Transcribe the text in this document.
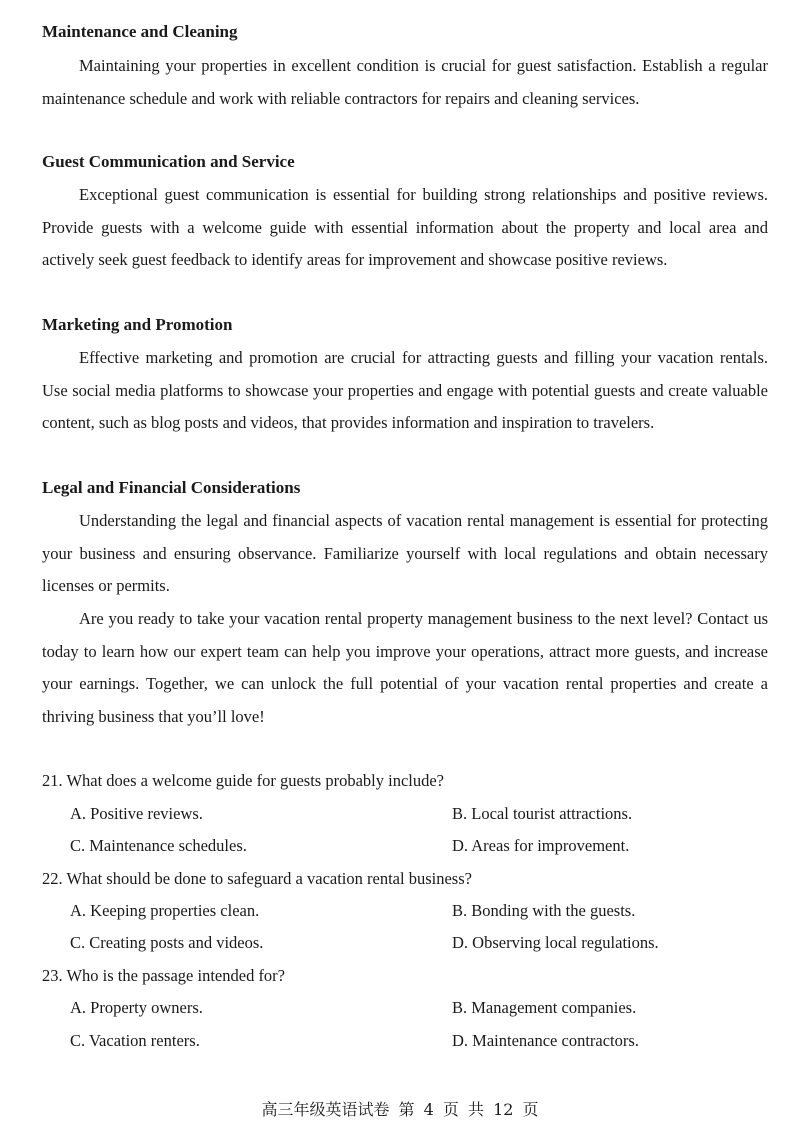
Maintenance and Cleaning

Maintaining your properties in excellent condition is crucial for guest satisfaction. Establish a regular maintenance schedule and work with reliable contractors for repairs and cleaning services.

Guest Communication and Service

Exceptional guest communication is essential for building strong relationships and positive reviews. Provide guests with a welcome guide with essential information about the property and local area and actively seek guest feedback to identify areas for improvement and showcase positive reviews.

Marketing and Promotion

Effective marketing and promotion are crucial for attracting guests and filling your vacation rentals. Use social media platforms to showcase your properties and engage with potential guests and create valuable content, such as blog posts and videos, that provides information and inspiration to travelers.

Legal and Financial Considerations

Understanding the legal and financial aspects of vacation rental management is essential for protecting your business and ensuring observance. Familiarize yourself with local regulations and obtain necessary licenses or permits.

Are you ready to take your vacation rental property management business to the next level? Contact us today to learn how our expert team can help you improve your operations, attract more guests, and increase your earnings. Together, we can unlock the full potential of your vacation rental properties and create a thriving business that you’ll love!

21. What does a welcome guide for guests probably include?
A. Positive reviews.	B. Local tourist attractions.
C. Maintenance schedules.	D. Areas for improvement.
22. What should be done to safeguard a vacation rental business?
A. Keeping properties clean.	B. Bonding with the guests.
C. Creating posts and videos.	D. Observing local regulations.
23. Who is the passage intended for?
A. Property owners.	B. Management companies.
C. Vacation renters.	D. Maintenance contractors.
高三年级英语试卷 第 4 页 共 12 页
